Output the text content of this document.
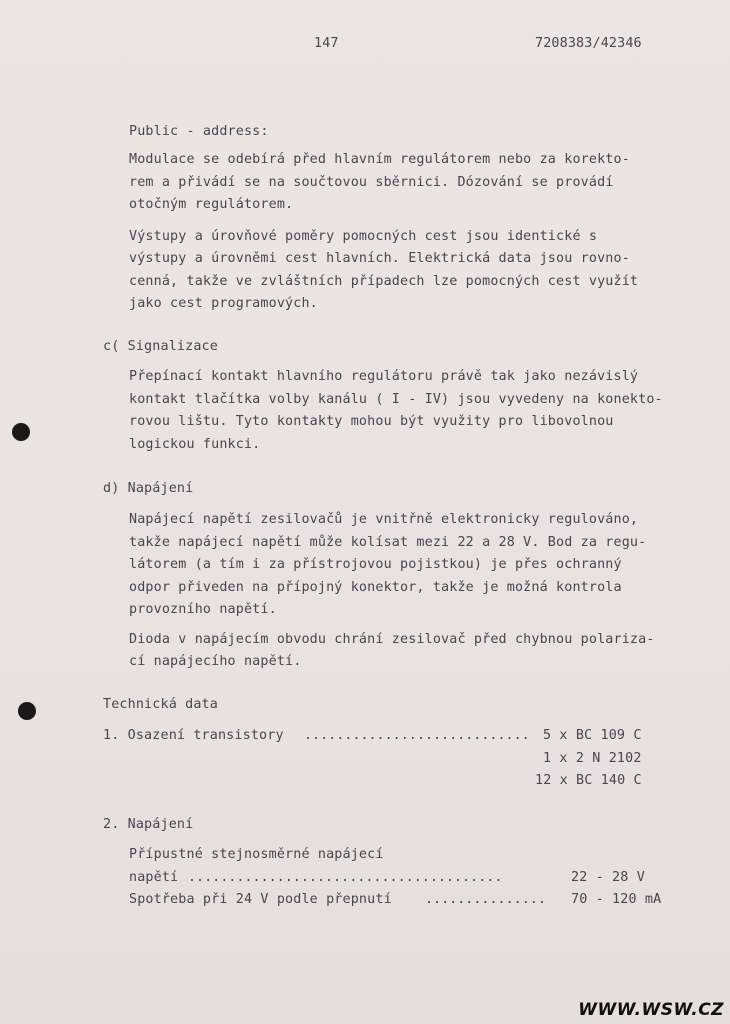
147	7208383/42346
Public - address:
Modulace se odebírá před hlavním regulátorem nebo za korekto-
rem a přivádí se na součtovou sběrnici. Dózování se provádí
otočným regulátorem.
Výstupy a úrovňové poměry pomocných cest jsou identické s
výstupy a úrovněmi cest hlavních. Elektrická data jsou rovno-
cenná, takže ve zvláštních případech lze pomocných cest využít
jako cest programových.
c( Signalizace
Přepínací kontakt hlavního regulátoru právě tak jako nezávislý
kontakt tlačítka volby kanálu ( I - IV) jsou vyvedeny na konekto-
rovou lištu. Tyto kontakty mohou být využity pro libovolnou
logickou funkci.
d) Napájení
Napájecí napětí zesilovačů je vnitřně elektronicky regulováno,
takže napájecí napětí může kolísat mezi 22 a 28 V. Bod za regu-
látorem (a tím i za přístrojovou pojistkou) je přes ochranný
odpor přiveden na přípojný konektor, takže je možná kontrola
provozního napětí.
Dioda v napájecím obvodu chrání zesilovač před chybnou polariza-
cí napájecího napětí.
Technická data
1. Osazení transistory ............................ 5 x BC 109 C
1 x 2 N 2102
12 x BC 140 C
2. Napájení
Přípustné stejnosměrné napájecí
napětí .......................................	22 - 28 V
Spotřeba při 24 V podle přepnutí ............... 70 - 120 mA
WWW.WSW.CZ
